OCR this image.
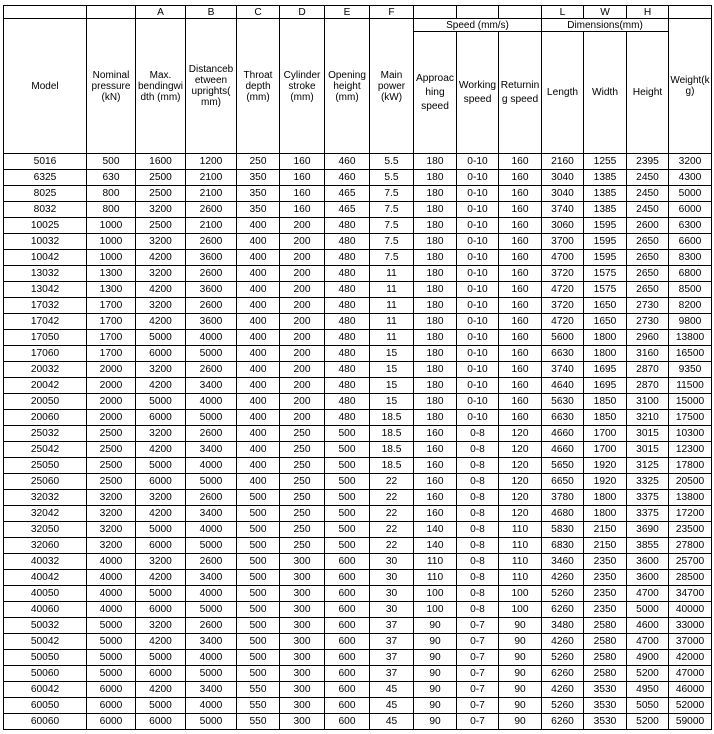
		A	B	C	D	E	F				L	W	H	
Model	Nominal pressure (kN)	Max. bendingwi dth (mm)	Distanceb etween uprights( mm)	Throat depth (mm)	Cylinder stroke (mm)	Opening height (mm)	Main power (kW)	Speed (mm/s)			Dimensions(mm)			Weight(k g)
								Approac hing speed	Working speed	Returnin g speed	Length	Width	Height	
5016	500	1600	1200	250	160	460	5.5	180	0-10	160	2160	1255	2395	3200
6325	630	2500	2100	350	160	460	5.5	180	0-10	160	3040	1385	2450	4300
8025	800	2500	2100	350	160	465	7.5	180	0-10	160	3040	1385	2450	5000
8032	800	3200	2600	350	160	465	7.5	180	0-10	160	3740	1385	2450	6000
10025	1000	2500	2100	400	200	480	7.5	180	0-10	160	3060	1595	2600	6300
10032	1000	3200	2600	400	200	480	7.5	180	0-10	160	3700	1595	2650	6600
10042	1000	4200	3600	400	200	480	7.5	180	0-10	160	4700	1595	2650	8300
13032	1300	3200	2600	400	200	480	11	180	0-10	160	3720	1575	2650	6800
13042	1300	4200	3600	400	200	480	11	180	0-10	160	4720	1575	2650	8500
17032	1700	3200	2600	400	200	480	11	180	0-10	160	3720	1650	2730	8200
17042	1700	4200	3600	400	200	480	11	180	0-10	160	4720	1650	2730	9800
17050	1700	5000	4000	400	200	480	11	180	0-10	160	5600	1800	2960	13800
17060	1700	6000	5000	400	200	480	15	180	0-10	160	6630	1800	3160	16500
20032	2000	3200	2600	400	200	480	15	180	0-10	160	3740	1695	2870	9350
20042	2000	4200	3400	400	200	480	15	180	0-10	160	4640	1695	2870	11500
20050	2000	5000	4000	400	200	480	15	180	0-10	160	5630	1850	3100	15000
20060	2000	6000	5000	400	200	480	18.5	180	0-10	160	6630	1850	3210	17500
25032	2500	3200	2600	400	250	500	18.5	160	0-8	120	4660	1700	3015	10300
25042	2500	4200	3400	400	250	500	18.5	160	0-8	120	4660	1700	3015	12300
25050	2500	5000	4000	400	250	500	18.5	160	0-8	120	5650	1920	3125	17800
25060	2500	6000	5000	400	250	500	22	160	0-8	120	6650	1920	3325	20500
32032	3200	3200	2600	500	250	500	22	160	0-8	120	3780	1800	3375	13800
32042	3200	4200	3400	500	250	500	22	160	0-8	120	4680	1800	3375	17200
32050	3200	5000	4000	500	250	500	22	140	0-8	110	5830	2150	3690	23500
32060	3200	6000	5000	500	250	500	22	140	0-8	110	6830	2150	3855	27800
40032	4000	3200	2600	500	300	600	30	110	0-8	110	3460	2350	3600	25700
40042	4000	4200	3400	500	300	600	30	110	0-8	110	4260	2350	3600	28500
40050	4000	5000	4000	500	300	600	30	100	0-8	100	5260	2350	4700	34700
40060	4000	6000	5000	500	300	600	30	100	0-8	100	6260	2350	5000	40000
50032	5000	3200	2600	500	300	600	37	90	0-7	90	3480	2580	4600	33000
50042	5000	4200	3400	500	300	600	37	90	0-7	90	4260	2580	4700	37000
50050	5000	5000	4000	500	300	600	37	90	0-7	90	5260	2580	4900	42000
50060	5000	6000	5000	500	300	600	37	90	0-7	90	6260	2580	5200	47000
60042	6000	4200	3400	550	300	600	45	90	0-7	90	4260	3530	4950	46000
60050	6000	5000	4000	550	300	600	45	90	0-7	90	5260	3530	5050	52000
60060	6000	6000	5000	550	300	600	45	90	0-7	90	6260	3530	5200	59000
